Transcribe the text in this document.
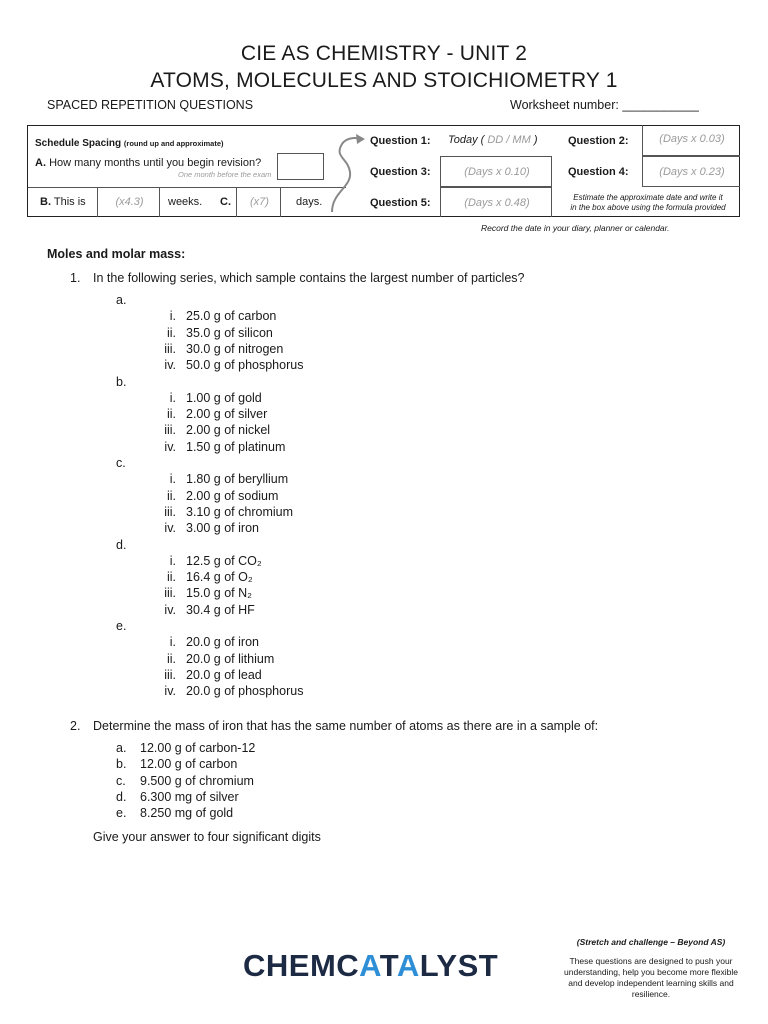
CIE AS CHEMISTRY - UNIT 2
ATOMS, MOLECULES AND STOICHIOMETRY 1
SPACED REPETITION QUESTIONS	Worksheet number: ___________
Schedule Spacing (round up and approximate)
A. How many months until you begin revision?
One month before the exam
B. This is	(x4.3)	weeks. C.	(x7)	days.
Question 1: Today ( DD / MM )	Question 2:	(Days x 0.03)
Question 3:	(Days x 0.10)	Question 4:	(Days x 0.23)
Question 5:	(Days x 0.48)	Estimate the approximate date and write it
in the box above using the formula provided
Record the date in your diary, planner or calendar.
Moles and molar mass:
1. In the following series, which sample contains the largest number of particles?
a.
i. 25.0 g of carbon
ii. 35.0 g of silicon
iii. 30.0 g of nitrogen
iv. 50.0 g of phosphorus
b.
i. 1.00 g of gold
ii. 2.00 g of silver
iii. 2.00 g of nickel
iv. 1.50 g of platinum
c.
i. 1.80 g of beryllium
ii. 2.00 g of sodium
iii. 3.10 g of chromium
iv. 3.00 g of iron
d.
i. 12.5 g of CO₂
ii. 16.4 g of O₂
iii. 15.0 g of N₂
iv. 30.4 g of HF
e.
i. 20.0 g of iron
ii. 20.0 g of lithium
iii. 20.0 g of lead
iv. 20.0 g of phosphorus
2. Determine the mass of iron that has the same number of atoms as there are in a sample of:
a. 12.00 g of carbon-12
b. 12.00 g of carbon
c. 9.500 g of chromium
d. 6.300 mg of silver
e. 8.250 mg of gold
Give your answer to four significant digits
CHEMCATALYST
(Stretch and challenge – Beyond AS)
These questions are designed to push your understanding, help you become more flexible and develop independent learning skills and resilience.
